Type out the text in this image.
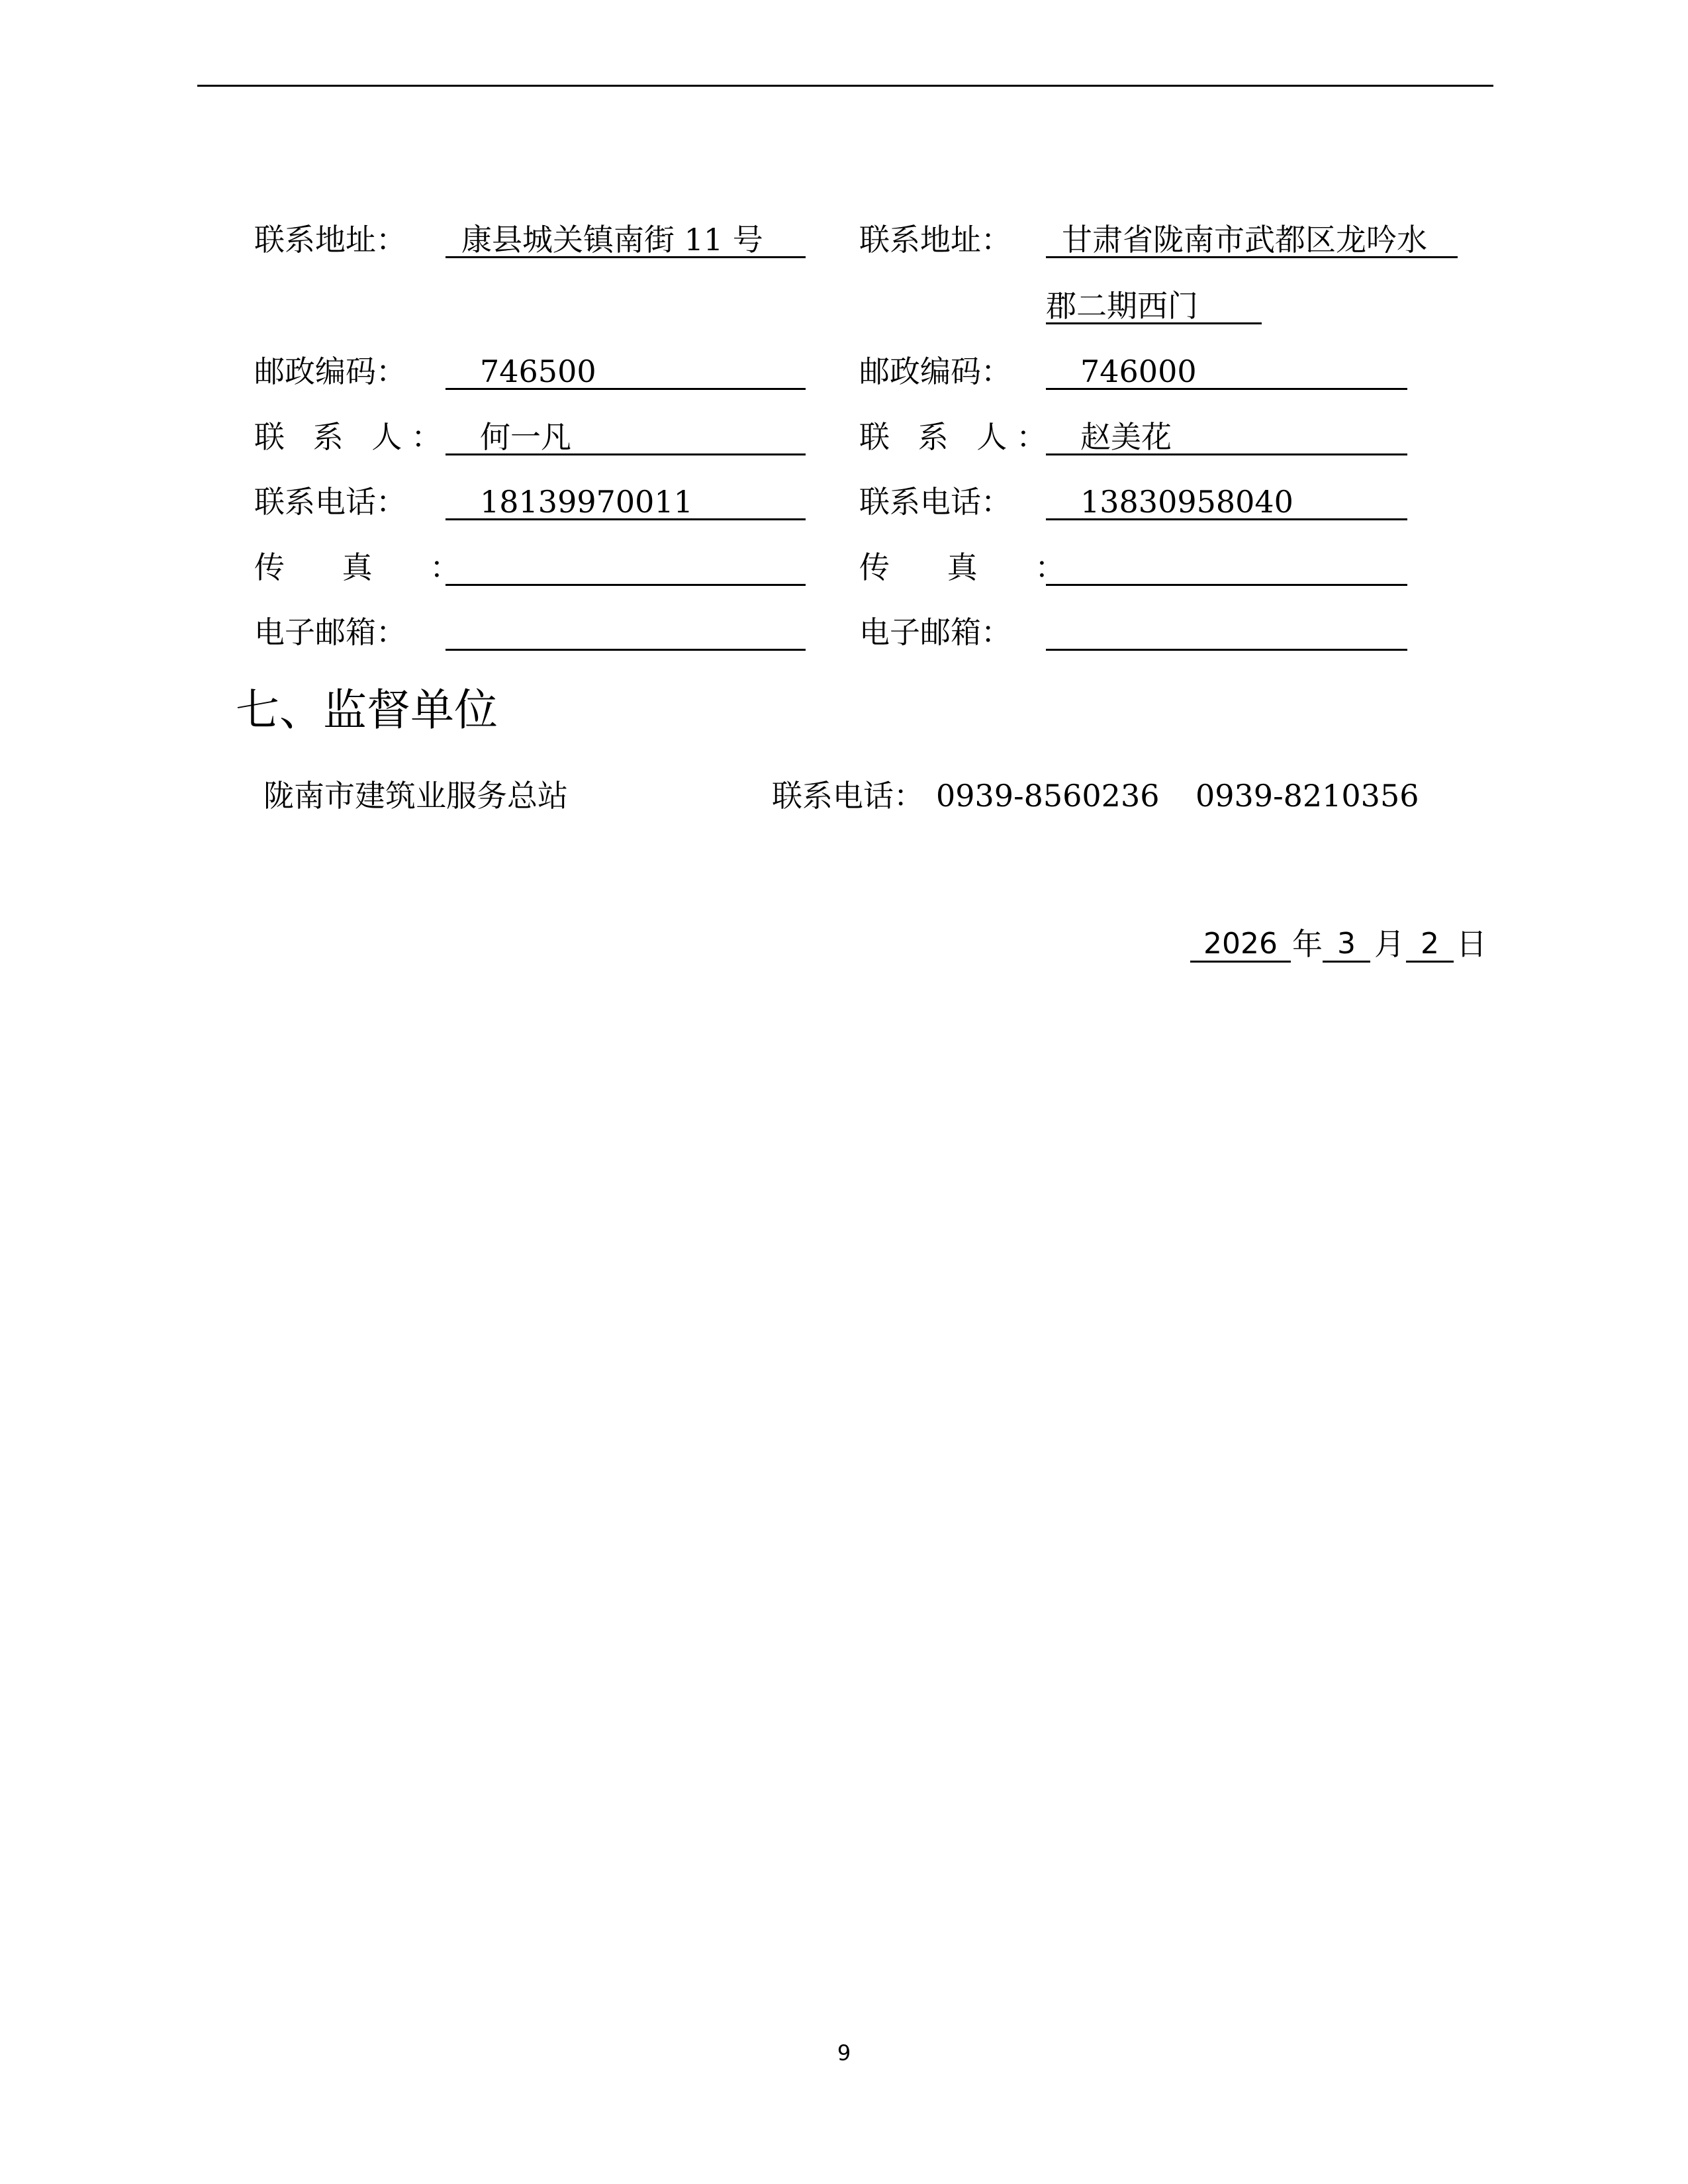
联系地址：	康县城关镇南街 11 号
邮政编码：	746500
联 系 人： 何一凡
联系电话：	18139970011
传 真 ：
电子邮箱：
联系地址：	甘肃省陇南市武都区龙吟水
郡二期西门
邮政编码：	746000
联 系 人： 赵美花
联系电话：	13830958040
传 真 ：
电子邮箱：
七、监督单位
陇南市建筑业服务总站	联系电话： 0939-8560236 0939-8210356
2026 年 3 月 2 日
9
